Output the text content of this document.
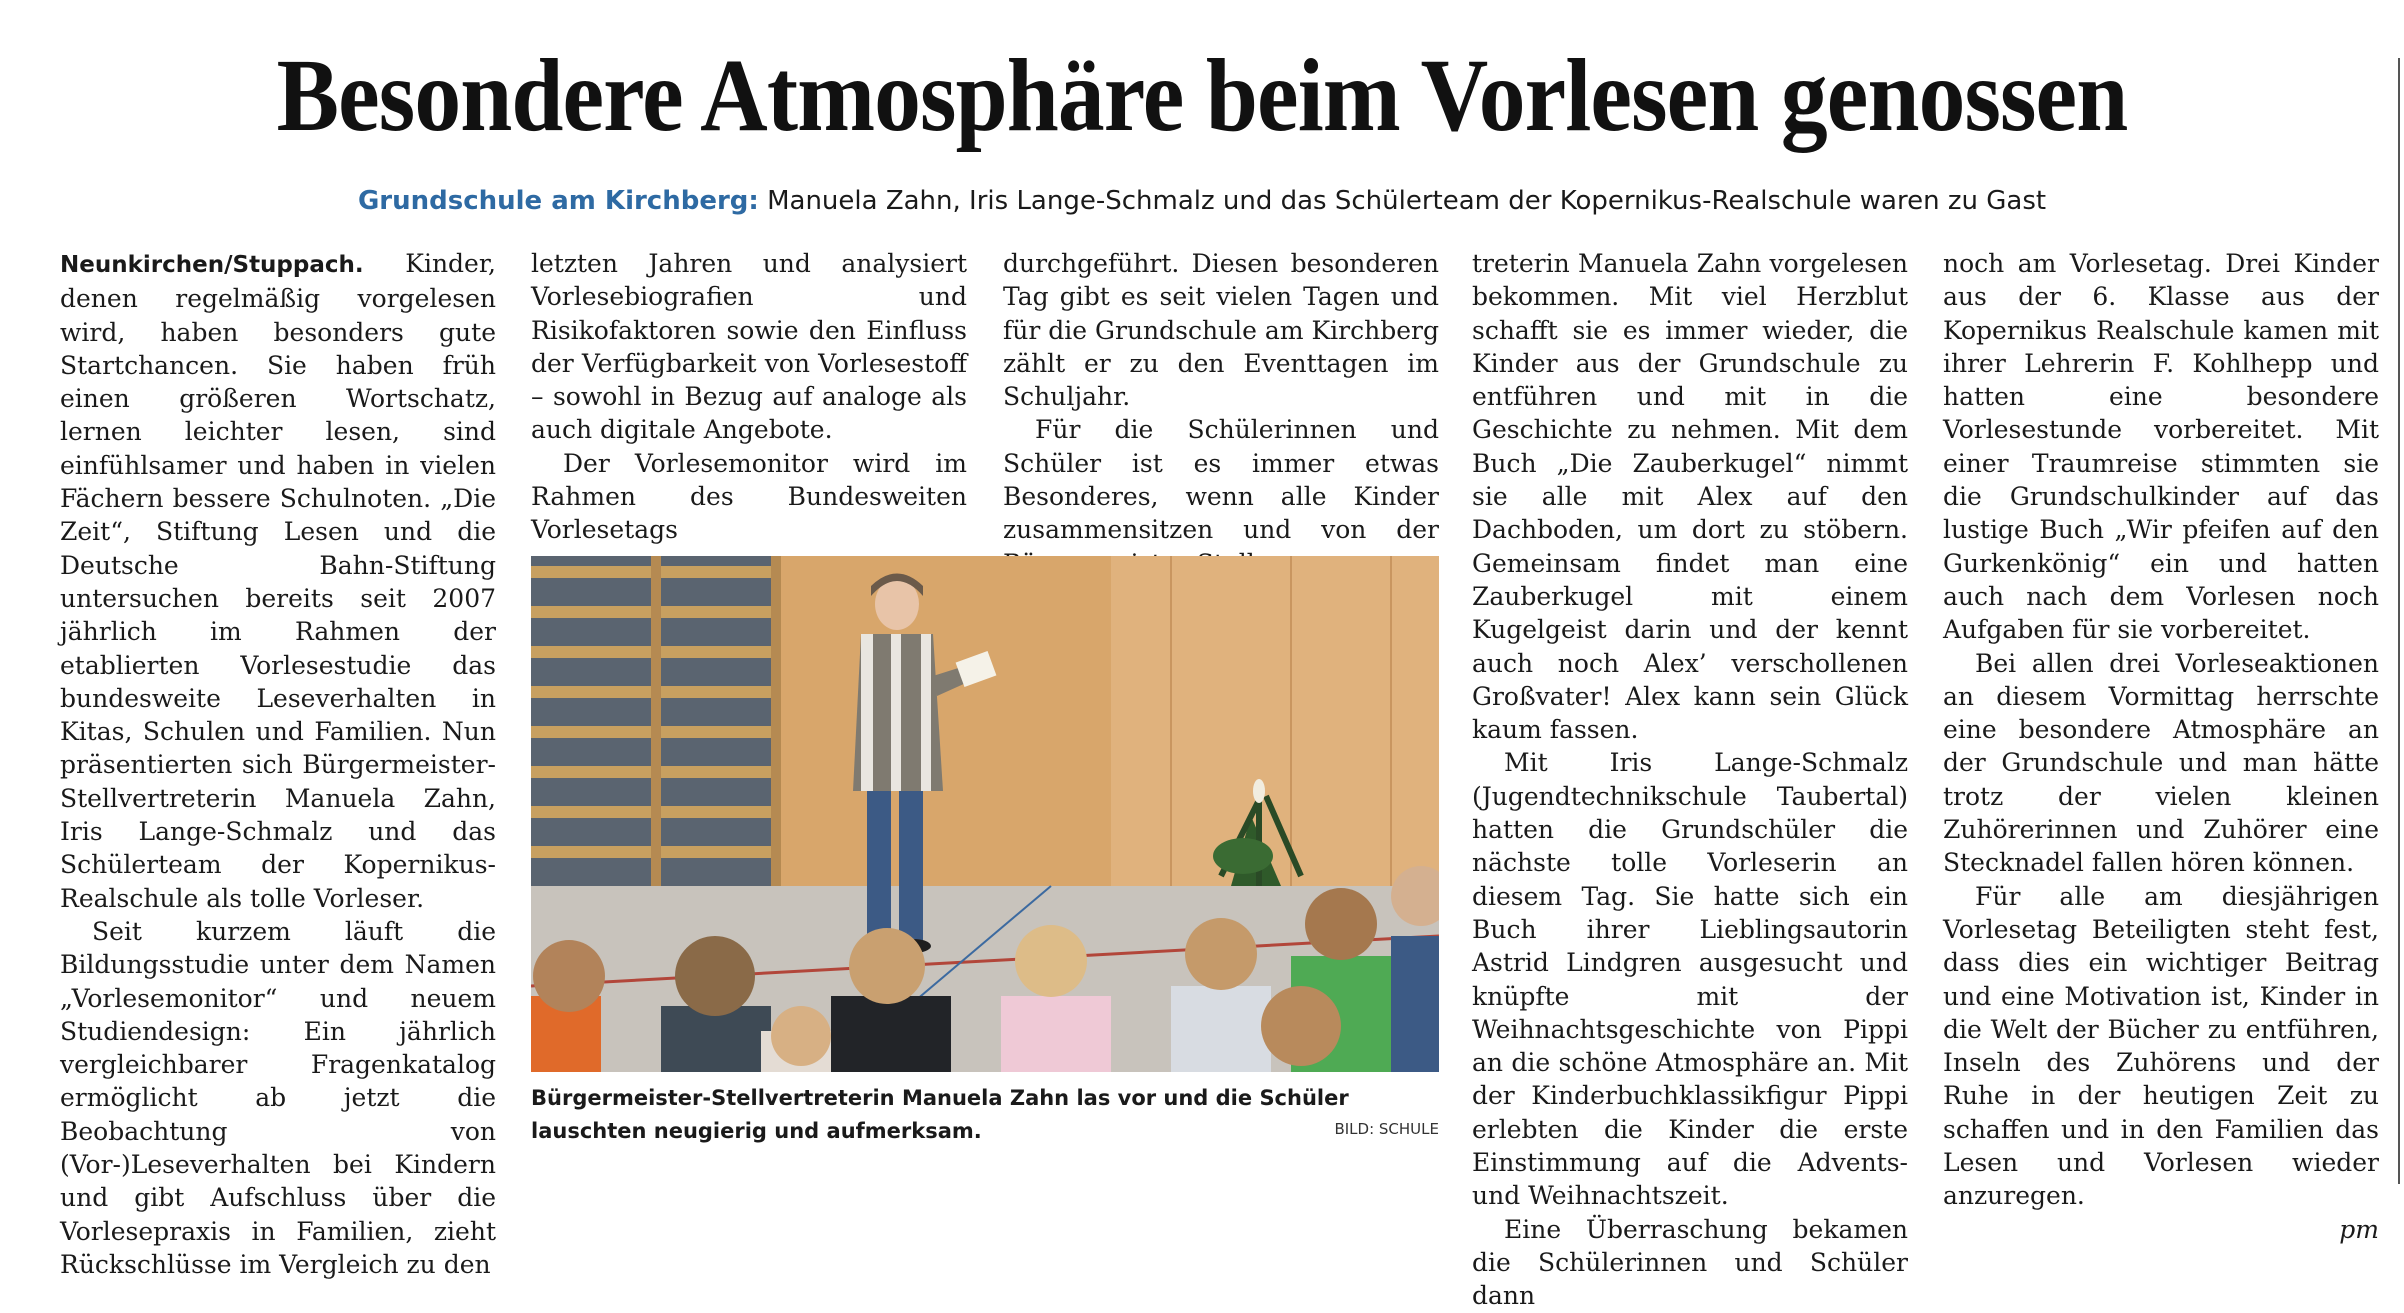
Besondere Atmosphäre beim Vorlesen genossen
Grundschule am Kirchberg: Manuela Zahn, Iris Lange-Schmalz und das Schülerteam der Kopernikus-Realschule waren zu Gast

Neunkirchen/Stuppach. Kinder, denen regelmäßig vorgelesen wird, haben besonders gute Startchancen. Sie haben früh einen größeren Wortschatz, lernen leichter lesen, sind einfühlsamer und haben in vielen Fächern bessere Schulnoten. „Die Zeit“, Stiftung Lesen und die Deutsche Bahn-Stiftung untersuchen bereits seit 2007 jährlich im Rahmen der etablierten Vorlesestudie das bundesweite Leseverhalten in Kitas, Schulen und Familien. Nun präsentierten sich Bürgermeister-Stellvertreterin Manuela Zahn, Iris Lange-Schmalz und das Schülerteam der Kopernikus-Realschule als tolle Vorleser.

Seit kurzem läuft die Bildungsstudie unter dem Namen „Vorlesemonitor“ und neuem Studiendesign: Ein jährlich vergleichbarer Fragenkatalog ermöglicht ab jetzt die Beobachtung von (Vor-)Leseverhalten bei Kindern und gibt Aufschluss über die Vorlesepraxis in Familien, zieht Rückschlüsse im Vergleich zu den

letzten Jahren und analysiert Vorlesebiografien und Risikofaktoren sowie den Einfluss der Verfügbarkeit von Vorlesestoff – sowohl in Bezug auf analoge als auch digitale Angebote.

Der Vorlesemonitor wird im Rahmen des Bundesweiten Vorlesetags

durchgeführt. Diesen besonderen Tag gibt es seit vielen Tagen und für die Grundschule am Kirchberg zählt er zu den Eventtagen im Schuljahr.

Für die Schülerinnen und Schüler ist es immer etwas Besonderes, wenn alle Kinder zusammensitzen und von der

treterin Manuela Zahn vorgelesen bekommen. Mit viel Herzblut schafft sie es immer wieder, die Kinder aus der Grundschule zu entführen und mit in die Geschichte zu nehmen. Mit dem Buch „Die Zauberkugel“ nimmt sie alle mit Alex auf den Dachboden, um dort zu stöbern. Gemeinsam findet man eine Zauberkugel mit einem Kugelgeist darin und der kennt auch noch Alex’ verschollenen Großvater! Alex kann sein Glück kaum fassen.

Mit Iris Lange-Schmalz (Jugendtechnikschule Taubertal) hatten die Grundschüler die nächste tolle Vorleserin an diesem Tag. Sie hatte sich ein Buch ihrer Lieblingsautorin Astrid Lindgren ausgesucht und knüpfte mit der Weihnachtsgeschichte von Pippi an die schöne Atmosphäre an. Mit der Kinderbuchklassikfigur Pippi erlebten die Kinder die erste Einstimmung auf die Advents- und Weihnachtszeit.

Eine Überraschung bekamen die Schülerinnen und Schüler dann

noch am Vorlesetag. Drei Kinder aus der 6. Klasse aus der Kopernikus Realschule kamen mit ihrer Lehrerin F. Kohlhepp und hatten eine besondere Vorlesestunde vorbereitet. Mit einer Traumreise stimmten sie die Grundschulkinder auf das lustige Buch „Wir pfeifen auf den Gurkenkönig“ ein und hatten auch nach dem Vorlesen noch Aufgaben für sie vorbereitet.

Bei allen drei Vorleseaktionen an diesem Vormittag herrschte eine besondere Atmosphäre an der Grundschule und man hätte trotz der vielen kleinen Zuhörerinnen und Zuhörer eine Stecknadel fallen hören können.

Für alle am diesjährigen Vorlesetag Beteiligten steht fest, dass dies ein wichtiger Beitrag und eine Motivation ist, Kinder in die Welt der Bücher zu entführen, Inseln des Zuhörens und der Ruhe in der heutigen Zeit zu schaffen und in den Familien das Lesen und Vorlesen wieder anzuregen.

pm
Bürgermeister-Stellvertreterin Manuela Zahn las vor und die Schüler lauschten neugierig und aufmerksam.	BILD: SCHULE
